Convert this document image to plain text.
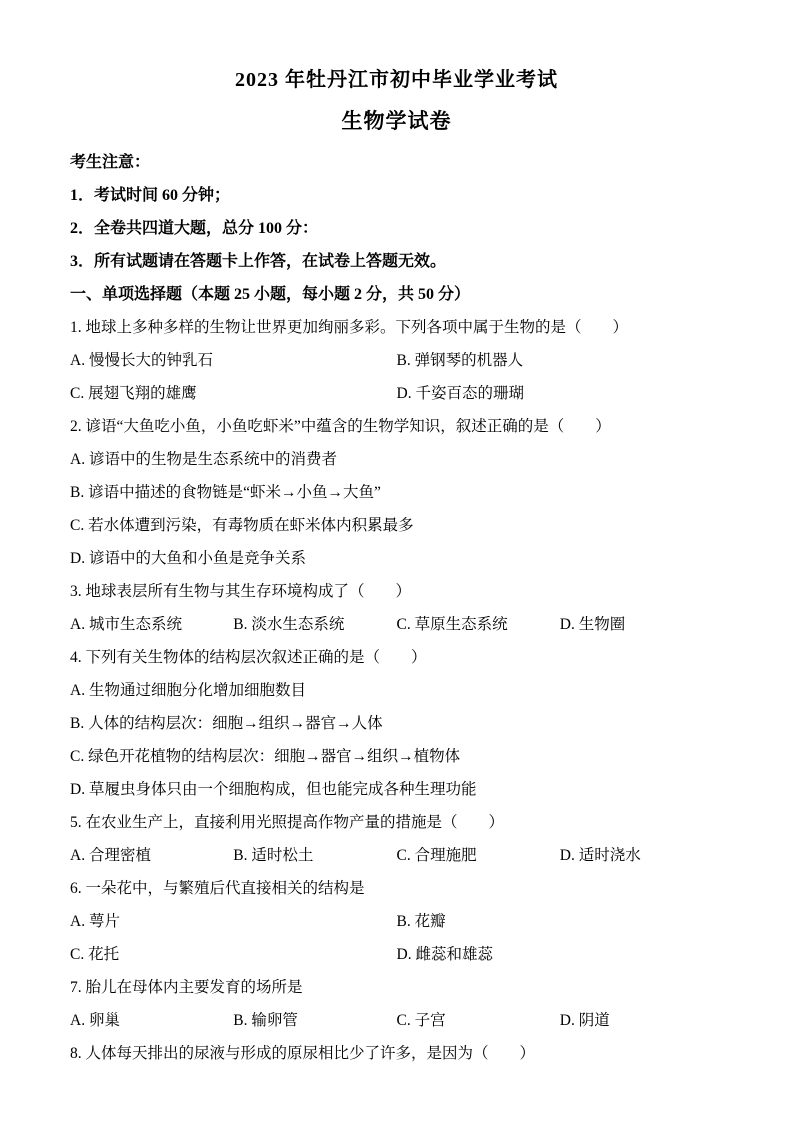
2023 年牡丹江市初中毕业学业考试
生物学试卷

考生注意：

1．考试时间 60 分钟；

2．全卷共四道大题，总分 100 分：

3．所有试题请在答题卡上作答，在试卷上答题无效。

一、单项选择题（本题 25 小题，每小题 2 分，共 50 分）

1. 地球上多种多样的生物让世界更加绚丽多彩。下列各项中属于生物的是（　　）

A. 慢慢长大的钟乳石	B. 弹钢琴的机器人
C. 展翅飞翔的雄鹰	D. 千姿百态的珊瑚

2. 谚语“大鱼吃小鱼，小鱼吃虾米”中蕴含的生物学知识，叙述正确的是（　　）

A. 谚语中的生物是生态系统中的消费者

B. 谚语中描述的食物链是“虾米→小鱼→大鱼”

C. 若水体遭到污染，有毒物质在虾米体内积累最多

D. 谚语中的大鱼和小鱼是竞争关系

3. 地球表层所有生物与其生存环境构成了（　　）

A. 城市生态系统	B. 淡水生态系统	C. 草原生态系统	D. 生物圈

4. 下列有关生物体的结构层次叙述正确的是（　　）

A. 生物通过细胞分化增加细胞数目

B. 人体的结构层次：细胞→组织→器官→人体

C. 绿色开花植物的结构层次：细胞→器官→组织→植物体

D. 草履虫身体只由一个细胞构成，但也能完成各种生理功能

5. 在农业生产上，直接利用光照提高作物产量的措施是（　　）

A. 合理密植	B. 适时松土	C. 合理施肥	D. 适时浇水

6. 一朵花中，与繁殖后代直接相关的结构是

A. 萼片	B. 花瓣
C. 花托	D. 雌蕊和雄蕊

7. 胎儿在母体内主要发育的场所是

A. 卵巢	B. 输卵管	C. 子宫	D. 阴道

8. 人体每天排出的尿液与形成的原尿相比少了许多，是因为（　　）
